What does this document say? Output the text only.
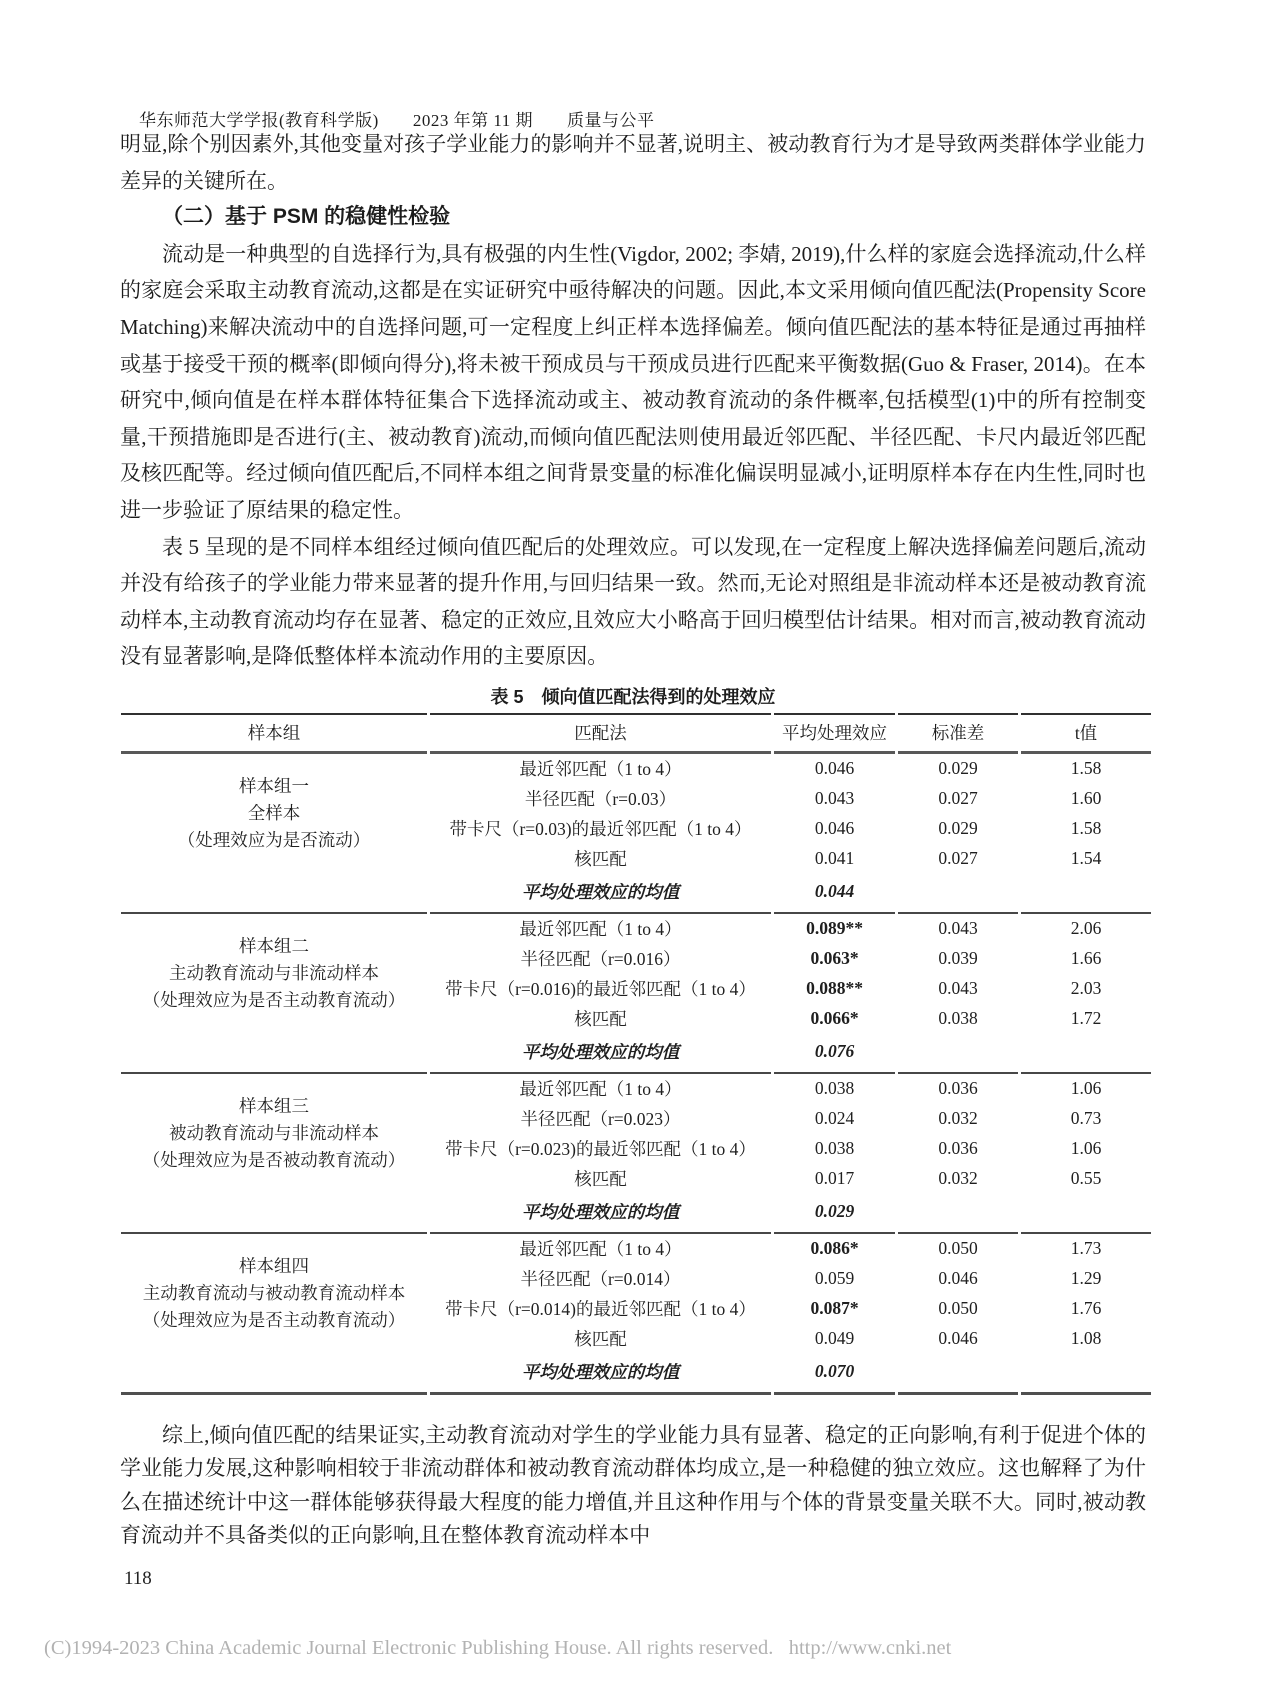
华东师范大学学报(教育科学版) 2023 年第 11 期 质量与公平

明显,除个别因素外,其他变量对孩子学业能力的影响并不显著,说明主、被动教育行为才是导致两类群体学业能力差异的关键所在。

（二）基于 PSM 的稳健性检验

流动是一种典型的自选择行为,具有极强的内生性(Vigdor, 2002; 李婧, 2019),什么样的家庭会选择流动,什么样的家庭会采取主动教育流动,这都是在实证研究中亟待解决的问题。因此,本文采用倾向值匹配法(Propensity Score Matching)来解决流动中的自选择问题,可一定程度上纠正样本选择偏差。倾向值匹配法的基本特征是通过再抽样或基于接受干预的概率(即倾向得分),将未被干预成员与干预成员进行匹配来平衡数据(Guo & Fraser, 2014)。在本研究中,倾向值是在样本群体特征集合下选择流动或主、被动教育流动的条件概率,包括模型(1)中的所有控制变量,干预措施即是否进行(主、被动教育)流动,而倾向值匹配法则使用最近邻匹配、半径匹配、卡尺内最近邻匹配及核匹配等。经过倾向值匹配后,不同样本组之间背景变量的标准化偏误明显减小,证明原样本存在内生性,同时也进一步验证了原结果的稳定性。

表 5 呈现的是不同样本组经过倾向值匹配后的处理效应。可以发现,在一定程度上解决选择偏差问题后,流动并没有给孩子的学业能力带来显著的提升作用,与回归结果一致。然而,无论对照组是非流动样本还是被动教育流动样本,主动教育流动均存在显著、稳定的正效应,且效应大小略高于回归模型估计结果。相对而言,被动教育流动没有显著影响,是降低整体样本流动作用的主要原因。

表 5　倾向值匹配法得到的处理效应
样本组	匹配法	平均处理效应	标准差	t值

样本组一
全样本
（处理效应为是否流动）	最近邻匹配（1 to 4）	0.046	0.029	1.58
	半径匹配（r=0.03）	0.043	0.027	1.60
	带卡尺（r=0.03)的最近邻匹配（1 to 4）	0.046	0.029	1.58
	核匹配	0.041	0.027	1.54
	平均处理效应的均值	0.044		

样本组二
主动教育流动与非流动样本
（处理效应为是否主动教育流动）	最近邻匹配（1 to 4）	0.089**	0.043	2.06
	半径匹配（r=0.016）	0.063*	0.039	1.66
	带卡尺（r=0.016)的最近邻匹配（1 to 4）	0.088**	0.043	2.03
	核匹配	0.066*	0.038	1.72
	平均处理效应的均值	0.076		

样本组三
被动教育流动与非流动样本
（处理效应为是否被动教育流动）	最近邻匹配（1 to 4）	0.038	0.036	1.06
	半径匹配（r=0.023）	0.024	0.032	0.73
	带卡尺（r=0.023)的最近邻匹配（1 to 4）	0.038	0.036	1.06
	核匹配	0.017	0.032	0.55
	平均处理效应的均值	0.029		

样本组四
主动教育流动与被动教育流动样本
（处理效应为是否主动教育流动）	最近邻匹配（1 to 4）	0.086*	0.050	1.73
	半径匹配（r=0.014）	0.059	0.046	1.29
	带卡尺（r=0.014)的最近邻匹配（1 to 4）	0.087*	0.050	1.76
	核匹配	0.049	0.046	1.08
	平均处理效应的均值	0.070		

综上,倾向值匹配的结果证实,主动教育流动对学生的学业能力具有显著、稳定的正向影响,有利于促进个体的学业能力发展,这种影响相较于非流动群体和被动教育流动群体均成立,是一种稳健的独立效应。这也解释了为什么在描述统计中这一群体能够获得最大程度的能力增值,并且这种作用与个体的背景变量关联不大。同时,被动教育流动并不具备类似的正向影响,且在整体教育流动样本中

118
(C)1994-2023 China Academic Journal Electronic Publishing House. All rights reserved.   http://www.cnki.net
